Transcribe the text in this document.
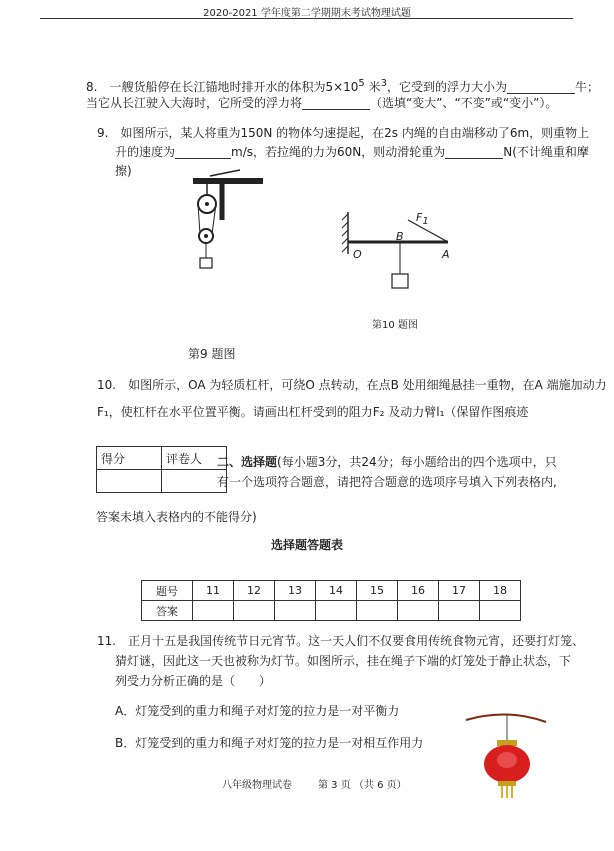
2020-2021 学年度第二学期期末考试物理试题
8.　一艘货船停在长江锚地时排开水的体积为$5\times 10^5$ 米$^3$，它受到的浮力大小为	牛；
当它从长江驶入大海时，它所受的浮力将	（选填“变大”、“不变”或“变小”）。
9.　如图所示，某人将重为150N 的物体匀速提起，在2s 内绳的自由端移动了6m，则重物上
升的速度为	m/s，若拉绳的力为60N，则动滑轮重为	N(不计绳重和摩
擦)
$F_1$
B
O	A
第10 题图
第9 题图
10.　如图所示，OA 为轻质杠杆，可绕O 点转动，在点B 处用细绳悬挂一重物，在A 端施加动力
F₁，使杠杆在水平位置平衡。请画出杠杆受到的阻力F₂ 及动力臂l₁（保留作图痕迹
得分	评卷人
	二、选择题(每小题3分，共24分；每小题给出的四个选项中，只
有一个选项符合题意，请把符合题意的选项序号填入下列表格内,
答案未填入表格内的不能得分)
选择题答题表
题号	11	12	13	14	15	16	17	18
答案								
11.　正月十五是我国传统节日元宵节。这一天人们不仅要食用传统食物元宵，还要打灯笼、
猜灯谜，因此这一天也被称为灯节。如图所示，挂在绳子下端的灯笼处于静止状态，下
列受力分析正确的是（　　）
A．灯笼受到的重力和绳子对灯笼的拉力是一对平衡力
B．灯笼受到的重力和绳子对灯笼的拉力是一对相互作用力
八年级物理试卷	第 3 页 （共 6 页）
